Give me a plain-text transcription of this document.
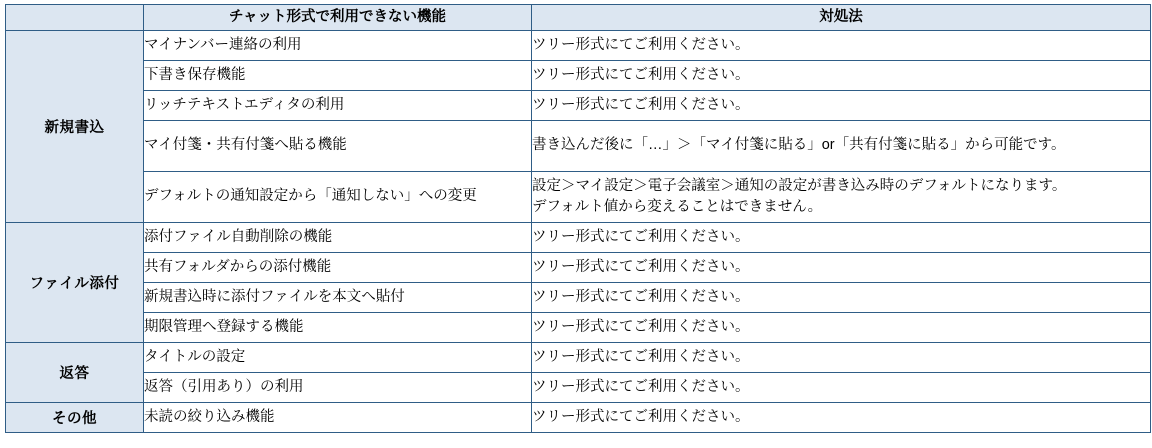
	チャット形式で利用できない機能	対処法
新規書込	マイナンバー連絡の利用	ツリー形式にてご利用ください。
	下書き保存機能	ツリー形式にてご利用ください。
	リッチテキストエディタの利用	ツリー形式にてご利用ください。
	マイ付箋・共有付箋へ貼る機能	書き込んだ後に「…」＞「マイ付箋に貼る」or「共有付箋に貼る」から可能です。
	デフォルトの通知設定から「通知しない」への変更	設定＞マイ設定＞電子会議室＞通知の設定が書き込み時のデフォルトになります。
デフォルト値から変えることはできません。

ファイル添付	添付ファイル自動削除の機能	ツリー形式にてご利用ください。
	共有フォルダからの添付機能	ツリー形式にてご利用ください。
	新規書込時に添付ファイルを本文へ貼付	ツリー形式にてご利用ください。
	期限管理へ登録する機能	ツリー形式にてご利用ください。
返答	タイトルの設定	ツリー形式にてご利用ください。
	返答（引用あり）の利用	ツリー形式にてご利用ください。
その他	未読の絞り込み機能	ツリー形式にてご利用ください。
